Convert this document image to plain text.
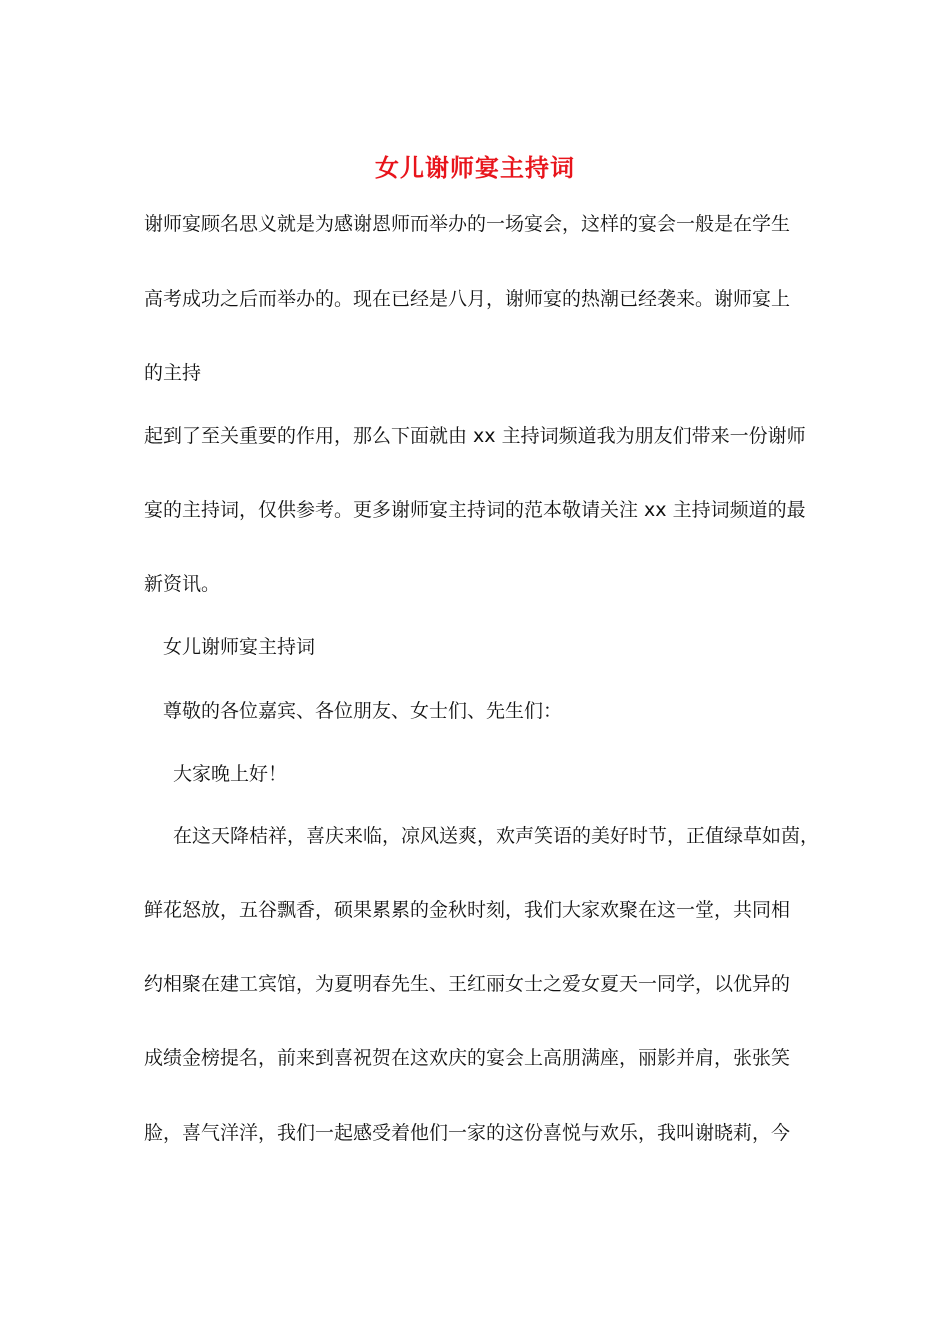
女儿谢师宴主持词
谢师宴顾名思义就是为感谢恩师而举办的一场宴会，这样的宴会一般是在学生
高考成功之后而举办的。现在已经是八月，谢师宴的热潮已经袭来。谢师宴上
的主持
起到了至关重要的作用，那么下面就由 xx 主持词频道我为朋友们带来一份谢师
宴的主持词，仅供参考。更多谢师宴主持词的范本敬请关注 xx 主持词频道的最
新资讯。
女儿谢师宴主持词
尊敬的各位嘉宾、各位朋友、女士们、先生们：
大家晚上好！
在这天降桔祥，喜庆来临，凉风送爽，欢声笑语的美好时节，正值绿草如茵，
鲜花怒放，五谷飘香，硕果累累的金秋时刻，我们大家欢聚在这一堂，共同相
约相聚在建工宾馆，为夏明春先生、王红丽女士之爱女夏天一同学，以优异的
成绩金榜提名，前来到喜祝贺在这欢庆的宴会上高朋满座，丽影并肩，张张笑
脸，喜气洋洋，我们一起感受着他们一家的这份喜悦与欢乐，我叫谢晓莉，今
